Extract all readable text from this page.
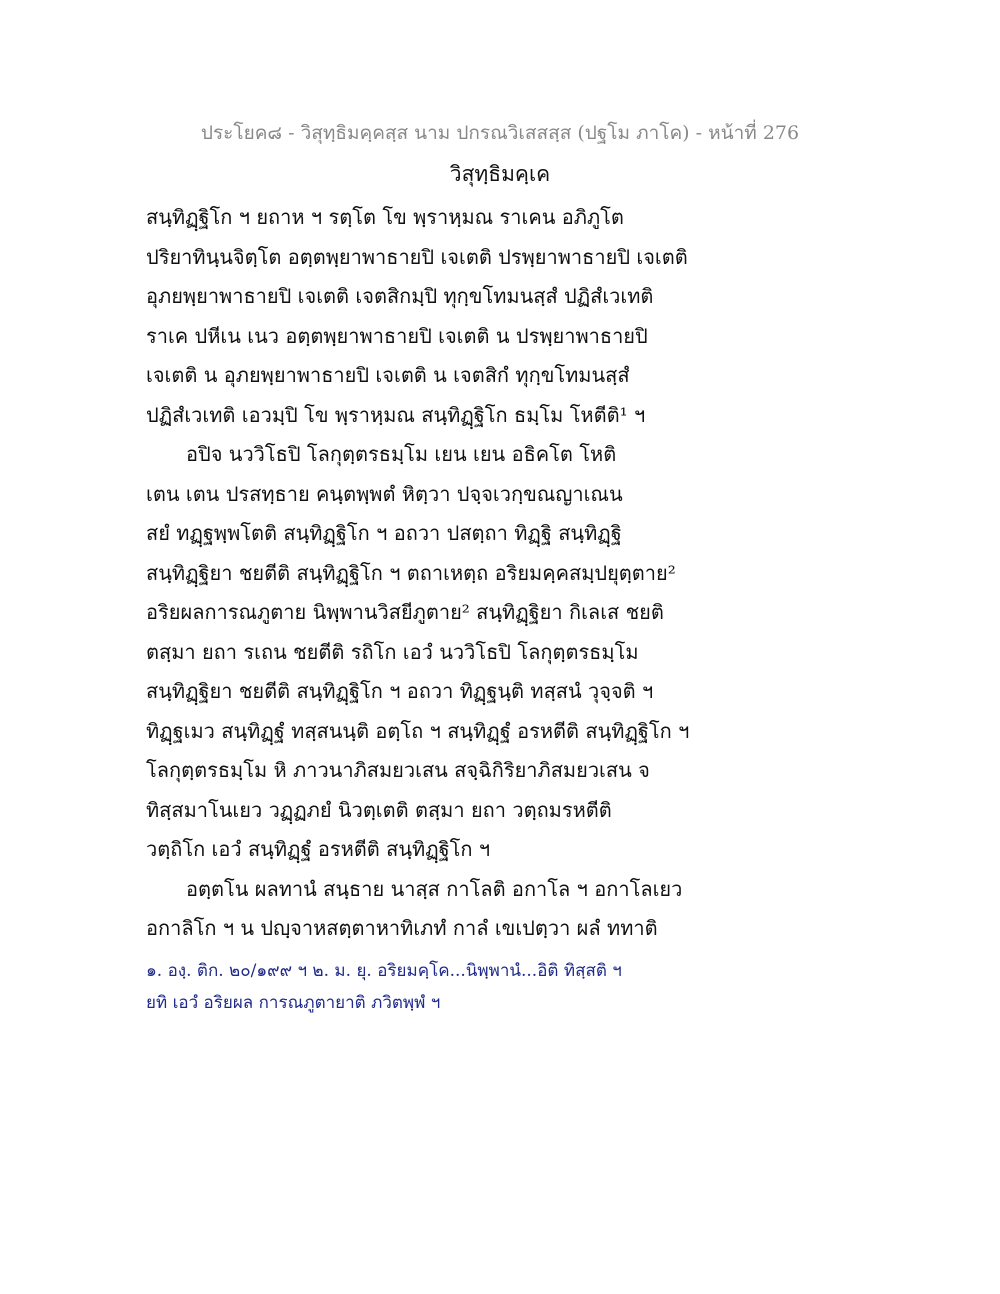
ประโยค๘ - วิสุทฺธิมคฺคสฺส นาม ปกรณวิเสสสฺส (ปฐโม ภาโค) - หน้าที่ 276
วิสุทฺธิมคฺเค
สนฺทิฏฺฐิโก ฯ ยถาห ฯ รตฺโต โข พฺราหฺมณ ราเคน อภิภูโต
ปริยาทินฺนจิตฺโต อตฺตพฺยาพาธายปิ เจเตติ ปรพฺยาพาธายปิ เจเตติ
อุภยพฺยาพาธายปิ เจเตติ เจตสิกมฺปิ ทุกฺขโทมนสฺสํ ปฏิสํเวเทติ
ราเค ปหีเน เนว อตฺตพฺยาพาธายปิ เจเตติ น ปรพฺยาพาธายปิ
เจเตติ น อุภยพฺยาพาธายปิ เจเตติ น เจตสิกํ ทุกฺขโทมนสฺสํ
ปฏิสํเวเทติ เอวมฺปิ โข พฺราหฺมณ สนฺทิฏฺฐิโก ธมฺโม โหตีติ¹ ฯ
อปิจ นววิโธปิ โลกุตฺตรธมฺโม เยน เยน อธิคโต โหติ
เตน เตน ปรสทฺธาย คนฺตพฺพตํ หิตฺวา ปจฺจเวกฺขณญาเณน
สยํ ทฏฺฐพฺพโตติ สนฺทิฏฺฐิโก ฯ อถวา ปสตฺถา ทิฏฺฐิ สนฺทิฏฺฐิ
สนฺทิฏฺฐิยา ชยตีติ สนฺทิฏฺฐิโก ฯ ตถาเหตฺถ อริยมคฺคสมฺปยุตฺตาย²
อริยผลการณภูตาย นิพฺพานวิสยีภูตาย² สนฺทิฏฺฐิยา กิเลเส ชยติ
ตสฺมา ยถา รเถน ชยตีติ รถิโก เอวํ นววิโธปิ โลกุตฺตรธมฺโม
สนฺทิฏฺฐิยา ชยตีติ สนฺทิฏฺฐิโก ฯ อถวา ทิฏฺฐนฺติ ทสฺสนํ วุจฺจติ ฯ
ทิฏฺฐเมว สนฺทิฏฺฐํ ทสฺสนนฺติ อตฺโถ ฯ สนฺทิฏฺฐํ อรหตีติ สนฺทิฏฺฐิโก ฯ
โลกุตฺตรธมฺโม หิ ภาวนาภิสมยวเสน สจฺฉิกิริยาภิสมยวเสน จ
ทิสฺสมาโนเยว วฏฺฏภยํ นิวตฺเตติ ตสฺมา ยถา วตฺถมรหตีติ
วตฺถิโก เอวํ สนฺทิฏฺฐํ อรหตีติ สนฺทิฏฺฐิโก ฯ
อตฺตโน ผลทานํ สนฺธาย นาสฺส กาโลติ อกาโล ฯ อกาโลเยว
อกาลิโก ฯ น ปญฺจาหสตฺตาหาทิเภทํ กาลํ เขเปตฺวา ผลํ ททาติ
๑. องฺ. ติก. ๒๐/๑๙๙ ฯ ๒. ม. ยุ. อริยมคฺโค...นิพฺพานํ...อิติ ทิสฺสติ ฯ
ยทิ เอวํ อริยผล การณภูตายาติ ภวิตพฺพํ ฯ
